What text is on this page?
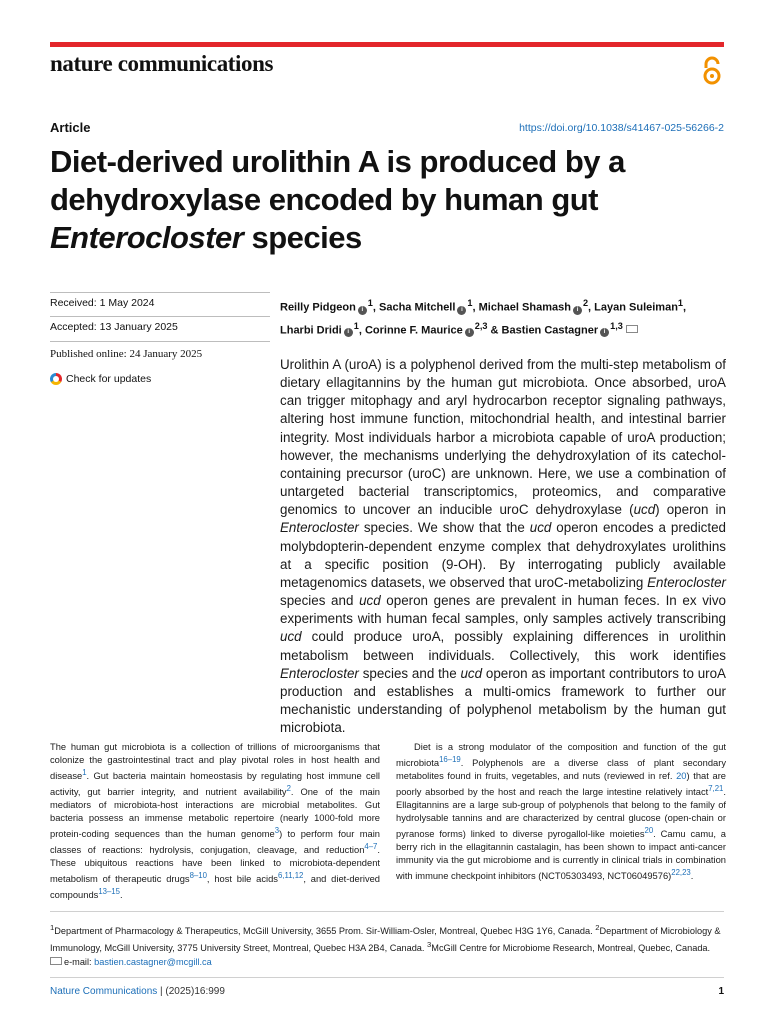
nature communications
Article	https://doi.org/10.1038/s41467-025-56266-2
Diet-derived urolithin A is produced by a
dehydroxylase encoded by human gut
Enterocloster species
Received: 1 May 2024
Accepted: 13 January 2025
Published online: 24 January 2025
Check for updates
Reilly Pidgeon $i^1$, Sacha Mitchell $i^1$, Michael Shamash $i^2$, Layan Suleiman$^1$,
Lharbi Dridi $i^1$, Corinne F. Maurice $i^{2,3}$ & Bastien Castagner $i^{1,3}$

Urolithin A (uroA) is a polyphenol derived from the multi-step metabolism of dietary ellagitannins by the human gut microbiota. Once absorbed, uroA can trigger mitophagy and aryl hydrocarbon receptor signaling pathways, altering host immune function, mitochondrial health, and intestinal barrier integrity. Most individuals harbor a microbiota capable of uroA production; however, the mechanisms underlying the dehydroxylation of its catechol-containing precursor (uroC) are unknown. Here, we use a combination of untargeted bacterial transcriptomics, proteomics, and comparative genomics to uncover an inducible uroC dehydroxylase (ucd) operon in Enterocloster species. We show that the ucd operon encodes a predicted molybdopterin-dependent enzyme complex that dehydroxylates urolithins at a specific position (9-OH). By interrogating publicly available metagenomics datasets, we observed that uroC-metabolizing Enterocloster species and ucd operon genes are prevalent in human feces. In ex vivo experiments with human fecal samples, only samples actively transcribing ucd could produce uroA, possibly explaining differences in urolithin metabolism between individuals. Collectively, this work identifies Enterocloster species and the ucd operon as important contributors to uroA production and establishes a multi-omics framework to further our mechanistic understanding of polyphenol metabolism by the human gut microbiota.

The human gut microbiota is a collection of trillions of microorganisms that colonize the gastrointestinal tract and play pivotal roles in host health and disease$^1$. Gut bacteria maintain homeostasis by regulating host immune cell activity, gut barrier integrity, and nutrient availability$^2$. One of the main mediators of microbiota-host interactions are microbial metabolites. Gut bacteria possess an immense metabolic repertoire (nearly 1000-fold more protein-coding sequences than the human genome$^3$) to perform four main classes of reactions: hydrolysis, conjugation, cleavage, and reduction$^{4-7}$. These ubiquitous reactions have been linked to microbiota-dependent metabolism of therapeutic drugs$^{8-10}$, host bile acids$^{6,11,12}$, and diet-derived compounds$^{13-15}$.

Diet is a strong modulator of the composition and function of the gut microbiota$^{16-19}$. Polyphenols are a diverse class of plant secondary metabolites found in fruits, vegetables, and nuts (reviewed in ref. 20) that are poorly absorbed by the host and reach the large intestine relatively intact$^{7,21}$. Ellagitannins are a large sub-group of polyphenols that belong to the family of hydrolysable tannins and are characterized by central glucose (open-chain or pyranose forms) linked to diverse pyrogallol-like moieties$^{20}$. Camu camu, a berry rich in the ellagitannin castalagin, has been shown to impact anti-cancer immunity via the gut microbiome and is currently in clinical trials in combination with immune checkpoint inhibitors (NCT05303493, NCT06049576)$^{22,23}$.

$^1$Department of Pharmacology & Therapeutics, McGill University, 3655 Prom. Sir-William-Osler, Montreal, Quebec H3G 1Y6, Canada. $^2$Department of Microbiology & Immunology, McGill University, 3775 University Street, Montreal, Quebec H3A 2B4, Canada. $^3$McGill Centre for Microbiome Research, Montreal, Quebec, Canada. e-mail: bastien.castagner@mcgill.ca

Nature Communications | (2025)16:999	1
